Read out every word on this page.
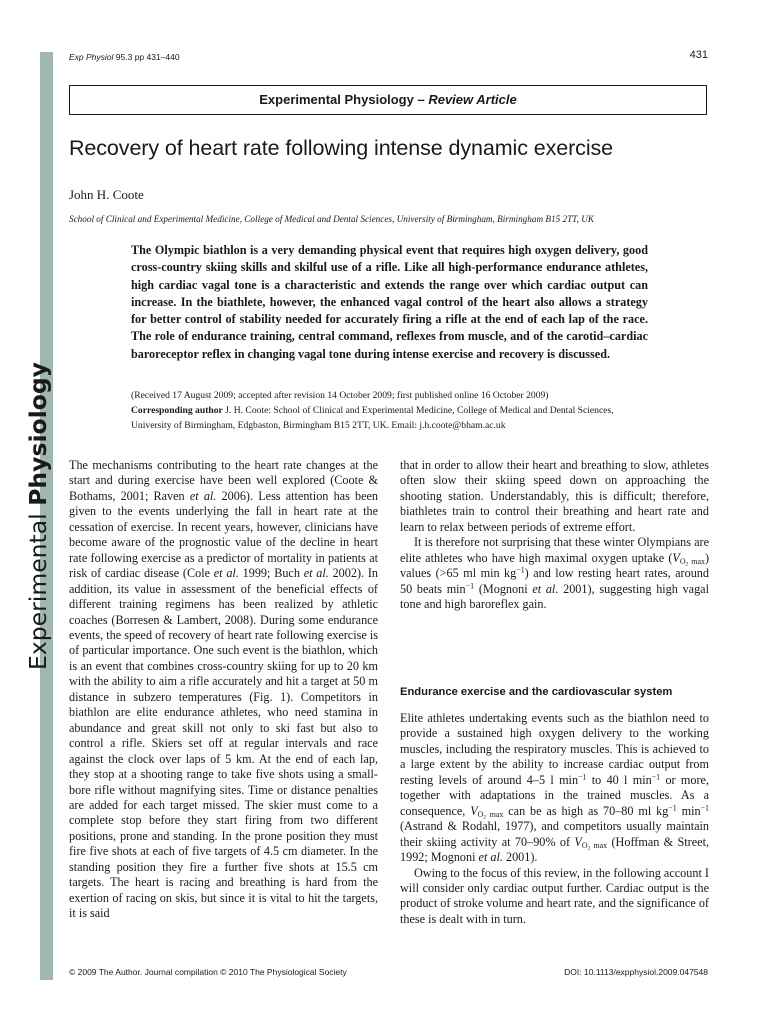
Experimental Physiology
Exp Physiol 95.3 pp 431–440	431
Experimental Physiology – Review Article
Recovery of heart rate following intense dynamic exercise
John H. Coote
School of Clinical and Experimental Medicine, College of Medical and Dental Sciences, University of Birmingham, Birmingham B15 2TT, UK

The Olympic biathlon is a very demanding physical event that requires high oxygen delivery, good cross-country skiing skills and skilful use of a rifle. Like all high-performance endurance athletes, high cardiac vagal tone is a characteristic and extends the range over which cardiac output can increase. In the biathlete, however, the enhanced vagal control of the heart also allows a strategy for better control of stability needed for accurately firing a rifle at the end of each lap of the race. The role of endurance training, central command, reflexes from muscle, and of the carotid–cardiac baroreceptor reflex in changing vagal tone during intense exercise and recovery is discussed.

(Received 17 August 2009; accepted after revision 14 October 2009; first published online 16 October 2009)
Corresponding author J. H. Coote: School of Clinical and Experimental Medicine, College of Medical and Dental Sciences, University of Birmingham, Edgbaston, Birmingham B15 2TT, UK. Email: j.h.coote@bham.ac.uk

The mechanisms contributing to the heart rate changes at the start and during exercise have been well explored (Coote & Bothams, 2001; Raven et al. 2006). Less attention has been given to the events underlying the fall in heart rate at the cessation of exercise. In recent years, however, clinicians have become aware of the prognostic value of the decline in heart rate following exercise as a predictor of mortality in patients at risk of cardiac disease (Cole et al. 1999; Buch et al. 2002). In addition, its value in assessment of the beneficial effects of different training regimens has been realized by athletic coaches (Borresen & Lambert, 2008). During some endurance events, the speed of recovery of heart rate following exercise is of particular importance. One such event is the biathlon, which is an event that combines cross-country skiing for up to 20 km with the ability to aim a rifle accurately and hit a target at 50 m distance in subzero temperatures (Fig. 1). Competitors in biathlon are elite endurance athletes, who need stamina in abundance and great skill not only to ski fast but also to control a rifle. Skiers set off at regular intervals and race against the clock over laps of 5 km. At the end of each lap, they stop at a shooting range to take five shots using a small-bore rifle without magnifying sites. Time or distance penalties are added for each target missed. The skier must come to a complete stop before they start firing from two different positions, prone and standing. In the prone position they must fire five shots at each of five targets of 4.5 cm diameter. In the standing position they fire a further five shots at 15.5 cm targets. The heart is racing and breathing is hard from the exertion of racing on skis, but since it is vital to hit the targets, it is said

that in order to allow their heart and breathing to slow, athletes often slow their skiing speed down on approaching the shooting station. Understandably, this is difficult; therefore, biathletes train to control their breathing and heart rate and learn to relax between periods of extreme effort.

It is therefore not surprising that these winter Olympians are elite athletes who have high maximal oxygen uptake $(V_{O_2 max})$ values (>65 ml $\min kg^{-1}$) and low resting heart rates, around 50 beats $\min^{-1}$ (Mognoni et al. 2001), suggesting high vagal tone and high baroreflex gain.

Endurance exercise and the cardiovascular system

Elite athletes undertaking events such as the biathlon need to provide a sustained high oxygen delivery to the working muscles, including the respiratory muscles. This is achieved to a large extent by the ability to increase cardiac output from resting levels of around 4–5 l $\min^{-1}$ to 40 l $\min^{-1}$ or more, together with adaptations in the trained muscles. As a consequence, $V_{O_2 max}$ can be as high as 70–80 ml $kg^{-1}$ $\min^{-1}$ (Astrand & Rodahl, 1977), and competitors usually maintain their skiing activity at 70–90% of $V_{O_2 max}$ (Hoffman & Street, 1992; Mognoni et al. 2001).

Owing to the focus of this review, in the following account I will consider only cardiac output further. Cardiac output is the product of stroke volume and heart rate, and the significance of these is dealt with in turn.

© 2009 The Author. Journal compilation © 2010 The Physiological Society	DOI: 10.1113/expphysiol.2009.047548
